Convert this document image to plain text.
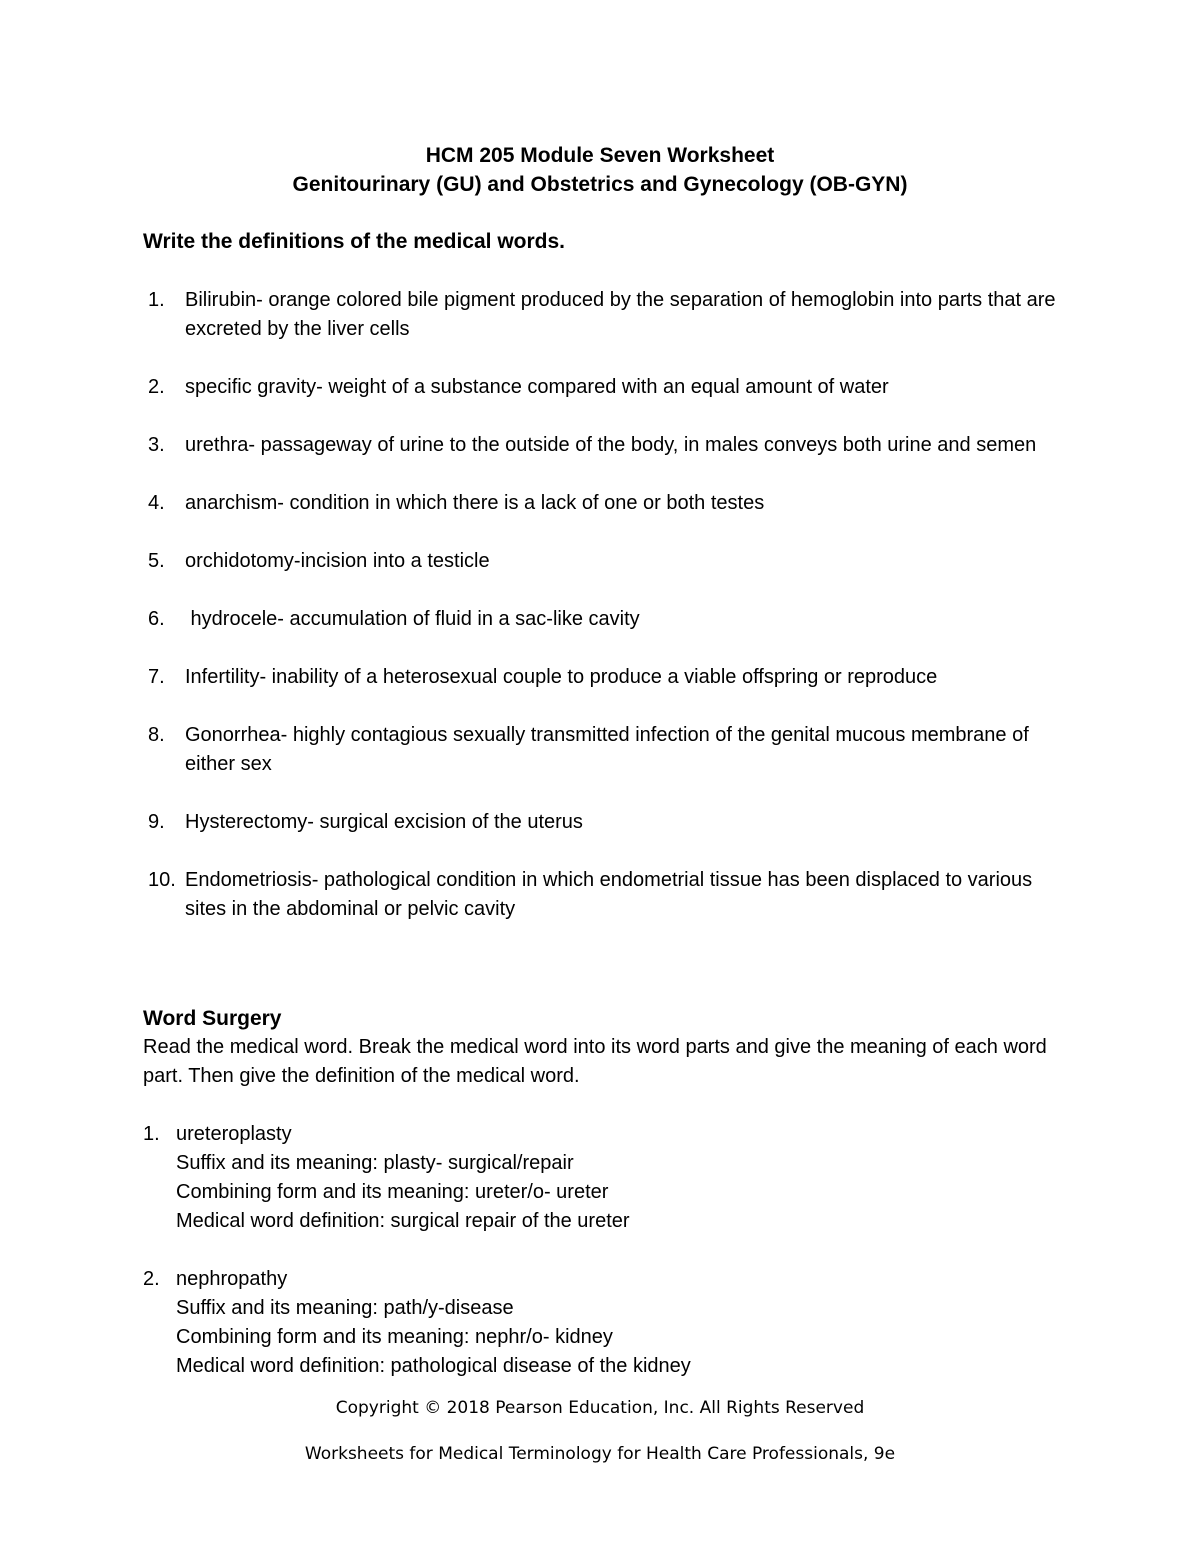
HCM 205 Module Seven Worksheet
Genitourinary (GU) and Obstetrics and Gynecology (OB-GYN)
Write the definitions of the medical words.
1. Bilirubin- orange colored bile pigment produced by the separation of hemoglobin into parts that are excreted by the liver cells
2. specific gravity- weight of a substance compared with an equal amount of water
3. urethra- passageway of urine to the outside of the body, in males conveys both urine and semen
4. anarchism- condition in which there is a lack of one or both testes
5. orchidotomy-incision into a testicle
6. hydrocele- accumulation of fluid in a sac-like cavity
7. Infertility- inability of a heterosexual couple to produce a viable offspring or reproduce
8. Gonorrhea- highly contagious sexually transmitted infection of the genital mucous membrane of either sex
9. Hysterectomy- surgical excision of the uterus
10. Endometriosis- pathological condition in which endometrial tissue has been displaced to various sites in the abdominal or pelvic cavity
Word Surgery
Read the medical word. Break the medical word into its word parts and give the meaning of each word part. Then give the definition of the medical word.
1. ureteroplasty
Suffix and its meaning: plasty- surgical/repair
Combining form and its meaning: ureter/o- ureter
Medical word definition: surgical repair of the ureter
2. nephropathy
Suffix and its meaning: path/y-disease
Combining form and its meaning: nephr/o- kidney
Medical word definition: pathological disease of the kidney
Copyright © 2018 Pearson Education, Inc. All Rights Reserved
Worksheets for Medical Terminology for Health Care Professionals, 9e
